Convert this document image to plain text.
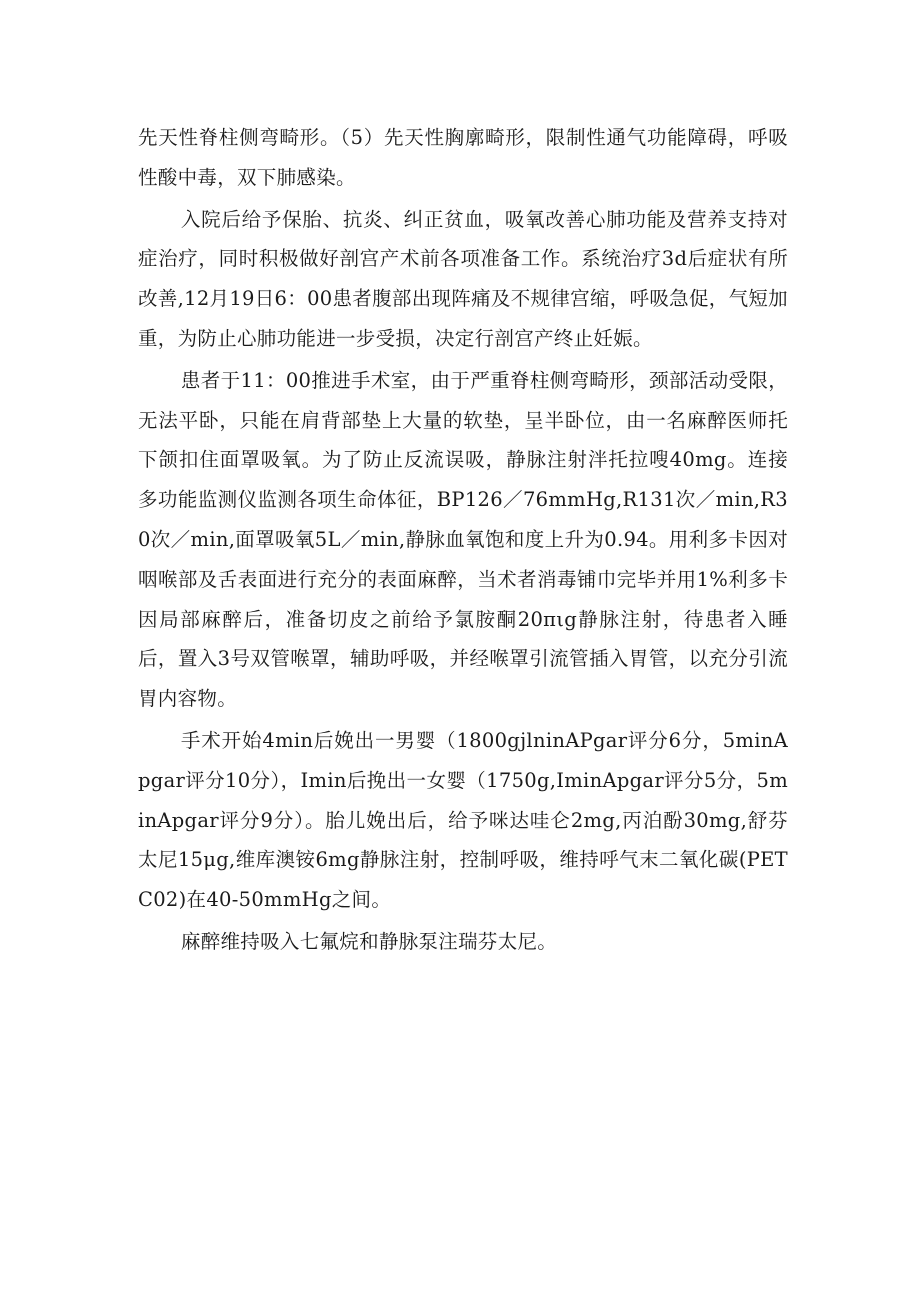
先天性脊柱侧弯畸形。（5）先天性胸廓畸形，限制性通气功能障碍，呼吸性酸中毒，双下肺感染。

入院后给予保胎、抗炎、纠正贫血，吸氧改善心肺功能及营养支持对症治疗，同时积极做好剖宫产术前各项准备工作。系统治疗3d后症状有所改善,12月19日6：00患者腹部出现阵痛及不规律宫缩，呼吸急促，气短加重，为防止心肺功能进一步受损，决定行剖宫产终止妊娠。

患者于11：00推进手术室，由于严重脊柱侧弯畸形，颈部活动受限，无法平卧，只能在肩背部垫上大量的软垫，呈半卧位，由一名麻醉医师托下颌扣住面罩吸氧。为了防止反流误吸，静脉注射泮托拉嗖40mg。连接多功能监测仪监测各项生命体征，BP126／76mmHg,R131次／min,R30次／min,面罩吸氧5L／min,静脉血氧饱和度上升为0.94。用利多卡因对咽喉部及舌表面进行充分的表面麻醉，当术者消毒铺巾完毕并用1%利多卡因局部麻醉后，准备切皮之前给予氯胺酮20πιg静脉注射，待患者入睡后，置入3号双管喉罩，辅助呼吸，并经喉罩引流管插入胃管，以充分引流胃内容物。

手术开始4min后娩出一男婴（1800gjlninAPgar评分6分，5minApgar评分10分），Imin后挽出一女婴（1750g,IminApgar评分5分，5minApgar评分9分）。胎儿娩出后，给予咪达哇仑2mg,丙泊酚30mg,舒芬太尼15μg,维库澳铵6mg静脉注射，控制呼吸，维持呼气末二氧化碳(PETC02)在40-50mmHg之间。

麻醉维持吸入七氟烷和静脉泵注瑞芬太尼。
